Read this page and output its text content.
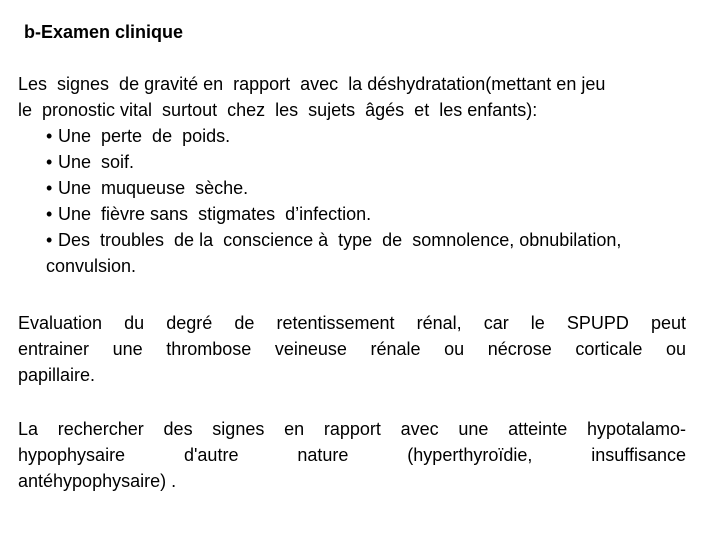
b-Examen clinique
Les  signes  de gravité en  rapport  avec  la déshydratation(mettant en jeu
le  pronostic vital  surtout  chez  les  sujets  âgés  et  les enfants):
• Une  perte  de  poids.
• Une  soif.
• Une  muqueuse  sèche.
• Une  fièvre sans  stigmates  d’infection.
• Des  troubles  de la  conscience à  type  de  somnolence, obnubilation,
convulsion.
Evaluation du degré de retentissement rénal, car le SPUPD peut
entrainer une thrombose veineuse rénale ou nécrose corticale ou
papillaire.
La rechercher des signes en rapport avec une atteinte hypotalamo-
hypophysaire d'autre nature (hyperthyroïdie, insuffisance
antéhypophysaire) .
